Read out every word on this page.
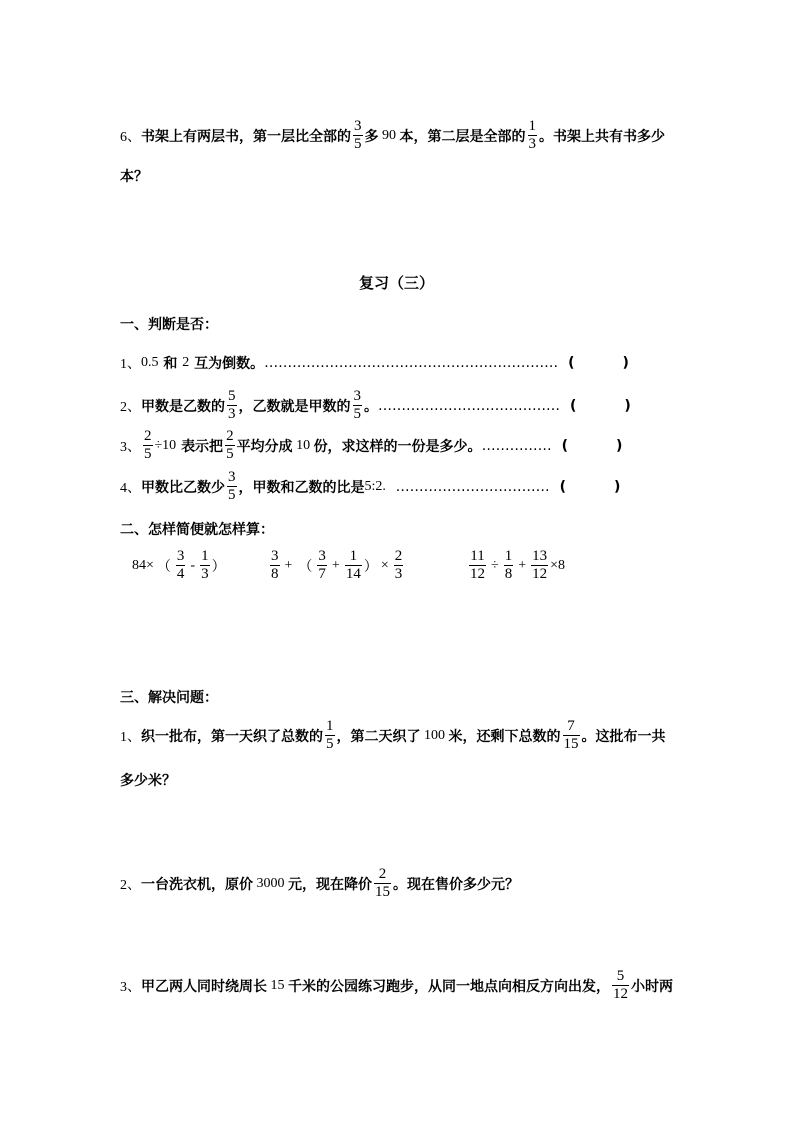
6、 书架上有两层书，第一层比全部的 $\frac{3}{5}$ 多 90 本，第二层是全部的 $\frac{1}{3}$ 。书架上共有书多少
本？
复习（三）
一、判断是否：
1、 0.5
和
2
互为倒数。 ……………………………………………………… (	)
2、 甲数是乙数的 $\frac{5}{3}$ ，乙数就是甲数的 $\frac{3}{5}$ 。 ………………………………… (	)
3、 $\frac{2}{5} \div 10$
表示把 $\frac{2}{5}$ 平均分成 10 份，求这样的一份是多少。 …………… (	)
4、 甲数比乙数少 $\frac{3}{5}$ ，甲数和乙数的比是 5:2.
…………………………… (	)
二、怎样简便就怎样算：
84× （ $\frac{3}{4} - \frac{1}{3}$ ）	$\frac{3}{8}$ + （ $\frac{3}{7} + \frac{1}{14}$ ） × $\frac{2}{3}$	$\frac{11}{12} \div \frac{1}{8} + \frac{13}{12} \times 8$
三、解决问题：
1、 织一批布，第一天织了总数的 $\frac{1}{5}$ ，第二天织了 100 米，还剩下总数的 $\frac{7}{15}$ 。这批布一共
多少米？
2、 一台洗衣机，原价 3000 元，现在降价 $\frac{2}{15}$ 。现在售价多少元？
3、 甲乙两人同时绕周长 15 千米的公园练习跑步，从同一地点向相反方向出发， $\frac{5}{12}$ 小时两
